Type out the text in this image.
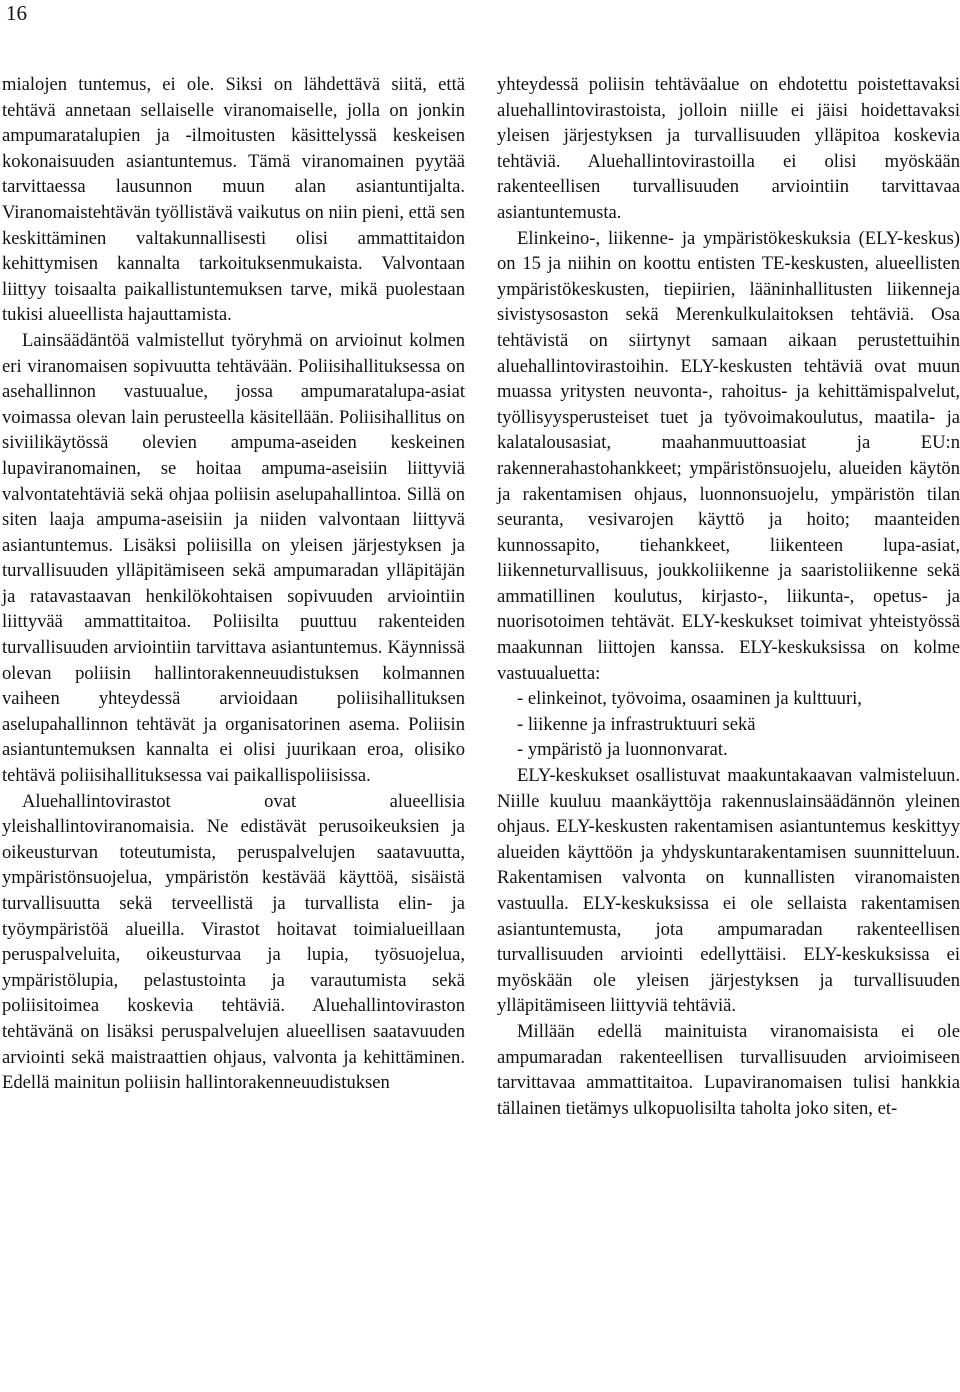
16

mialojen tuntemus, ei ole. Siksi on lähdettävä siitä, että tehtävä annetaan sellaiselle viranomaiselle, jolla on jonkin ampumaratalupien ja -ilmoitusten käsittelyssä keskeisen kokonaisuuden asiantuntemus. Tämä viranomainen pyytää tarvittaessa lausunnon muun alan asiantuntijalta. Viranomaistehtävän työllistävä vaikutus on niin pieni, että sen keskittäminen valtakunnallisesti olisi ammattitaidon kehittymisen kannalta tarkoituksenmukaista. Valvontaan liittyy toisaalta paikallistuntemuksen tarve, mikä puolestaan tukisi alueellista hajauttamista.

Lainsäädäntöä valmistellut työryhmä on arvioinut kolmen eri viranomaisen sopivuutta tehtävään. Poliisihallituksessa on asehallinnon vastuualue, jossa ampumaratalupa-asiat voimassa olevan lain perusteella käsitellään. Poliisihallitus on siviilikäytössä olevien ampuma-aseiden keskeinen lupaviranomainen, se hoitaa ampuma-aseisiin liittyviä valvontatehtäviä sekä ohjaa poliisin aselupahallintoa. Sillä on siten laaja ampuma-aseisiin ja niiden valvontaan liittyvä asiantuntemus. Lisäksi poliisilla on yleisen järjestyksen ja turvallisuuden ylläpitämiseen sekä ampumaradan ylläpitäjän ja ratavastaavan henkilökohtaisen sopivuuden arviointiin liittyvää ammattitaitoa. Poliisilta puuttuu rakenteiden turvallisuuden arviointiin tarvittava asiantuntemus. Käynnissä olevan poliisin hallintorakenneuudistuksen kolmannen vaiheen yhteydessä arvioidaan poliisihallituksen aselupahallinnon tehtävät ja organisatorinen asema. Poliisin asiantuntemuksen kannalta ei olisi juurikaan eroa, olisiko tehtävä poliisihallituksessa vai paikallispoliisissa.

Aluehallintovirastot ovat alueellisia yleishallintoviranomaisia. Ne edistävät perusoikeuksien ja oikeusturvan toteutumista, peruspalvelujen saatavuutta, ympäristönsuojelua, ympäristön kestävää käyttöä, sisäistä turvallisuutta sekä terveellistä ja turvallista elin- ja työympäristöä alueilla. Virastot hoitavat toimialueillaan peruspalveluita, oikeusturvaa ja lupia, työsuojelua, ympäristölupia, pelastustointa ja varautumista sekä poliisitoimea koskevia tehtäviä. Aluehallintoviraston tehtävänä on lisäksi peruspalvelujen alueellisen saatavuuden arviointi sekä maistraattien ohjaus, valvonta ja kehittäminen. Edellä mainitun poliisin hallintorakenneuudistuksen

yhteydessä poliisin tehtäväalue on ehdotettu poistettavaksi aluehallintovirastoista, jolloin niille ei jäisi hoidettavaksi yleisen järjestyksen ja turvallisuuden ylläpitoa koskevia tehtäviä. Aluehallintovirastoilla ei olisi myöskään rakenteellisen turvallisuuden arviointiin tarvittavaa asiantuntemusta.

Elinkeino-, liikenne- ja ympäristökeskuksia (ELY-keskus) on 15 ja niihin on koottu entisten TE-keskusten, alueellisten ympäristökeskusten, tiepiirien, lääninhallitusten liikenneja sivistysosaston sekä Merenkulkulaitoksen tehtäviä. Osa tehtävistä on siirtynyt samaan aikaan perustettuihin aluehallintovirastoihin. ELY-keskusten tehtäviä ovat muun muassa yritysten neuvonta-, rahoitus- ja kehittämispalvelut, työllisyysperusteiset tuet ja työvoimakoulutus, maatila- ja kalatalousasiat, maahanmuuttoasiat ja EU:n rakennerahastohankkeet; ympäristönsuojelu, alueiden käytön ja rakentamisen ohjaus, luonnonsuojelu, ympäristön tilan seuranta, vesivarojen käyttö ja hoito; maanteiden kunnossapito, tiehankkeet, liikenteen lupa-asiat, liikenneturvallisuus, joukkoliikenne ja saaristoliikenne sekä ammatillinen koulutus, kirjasto-, liikunta-, opetus- ja nuorisotoimen tehtävät. ELY-keskukset toimivat yhteistyössä maakunnan liittojen kanssa. ELY-keskuksissa on kolme vastuualuetta:

- elinkeinot, työvoima, osaaminen ja kulttuuri,

- liikenne ja infrastruktuuri sekä

- ympäristö ja luonnonvarat.

ELY-keskukset osallistuvat maakuntakaavan valmisteluun. Niille kuuluu maankäyttöja rakennuslainsäädännön yleinen ohjaus. ELY-keskusten rakentamisen asiantuntemus keskittyy alueiden käyttöön ja yhdyskuntarakentamisen suunnitteluun. Rakentamisen valvonta on kunnallisten viranomaisten vastuulla. ELY-keskuksissa ei ole sellaista rakentamisen asiantuntemusta, jota ampumaradan rakenteellisen turvallisuuden arviointi edellyttäisi. ELY-keskuksissa ei myöskään ole yleisen järjestyksen ja turvallisuuden ylläpitämiseen liittyviä tehtäviä.

Millään edellä mainituista viranomaisista ei ole ampumaradan rakenteellisen turvallisuuden arvioimiseen tarvittavaa ammattitaitoa. Lupaviranomaisen tulisi hankkia tällainen tietämys ulkopuolisilta taholta joko siten, et-
